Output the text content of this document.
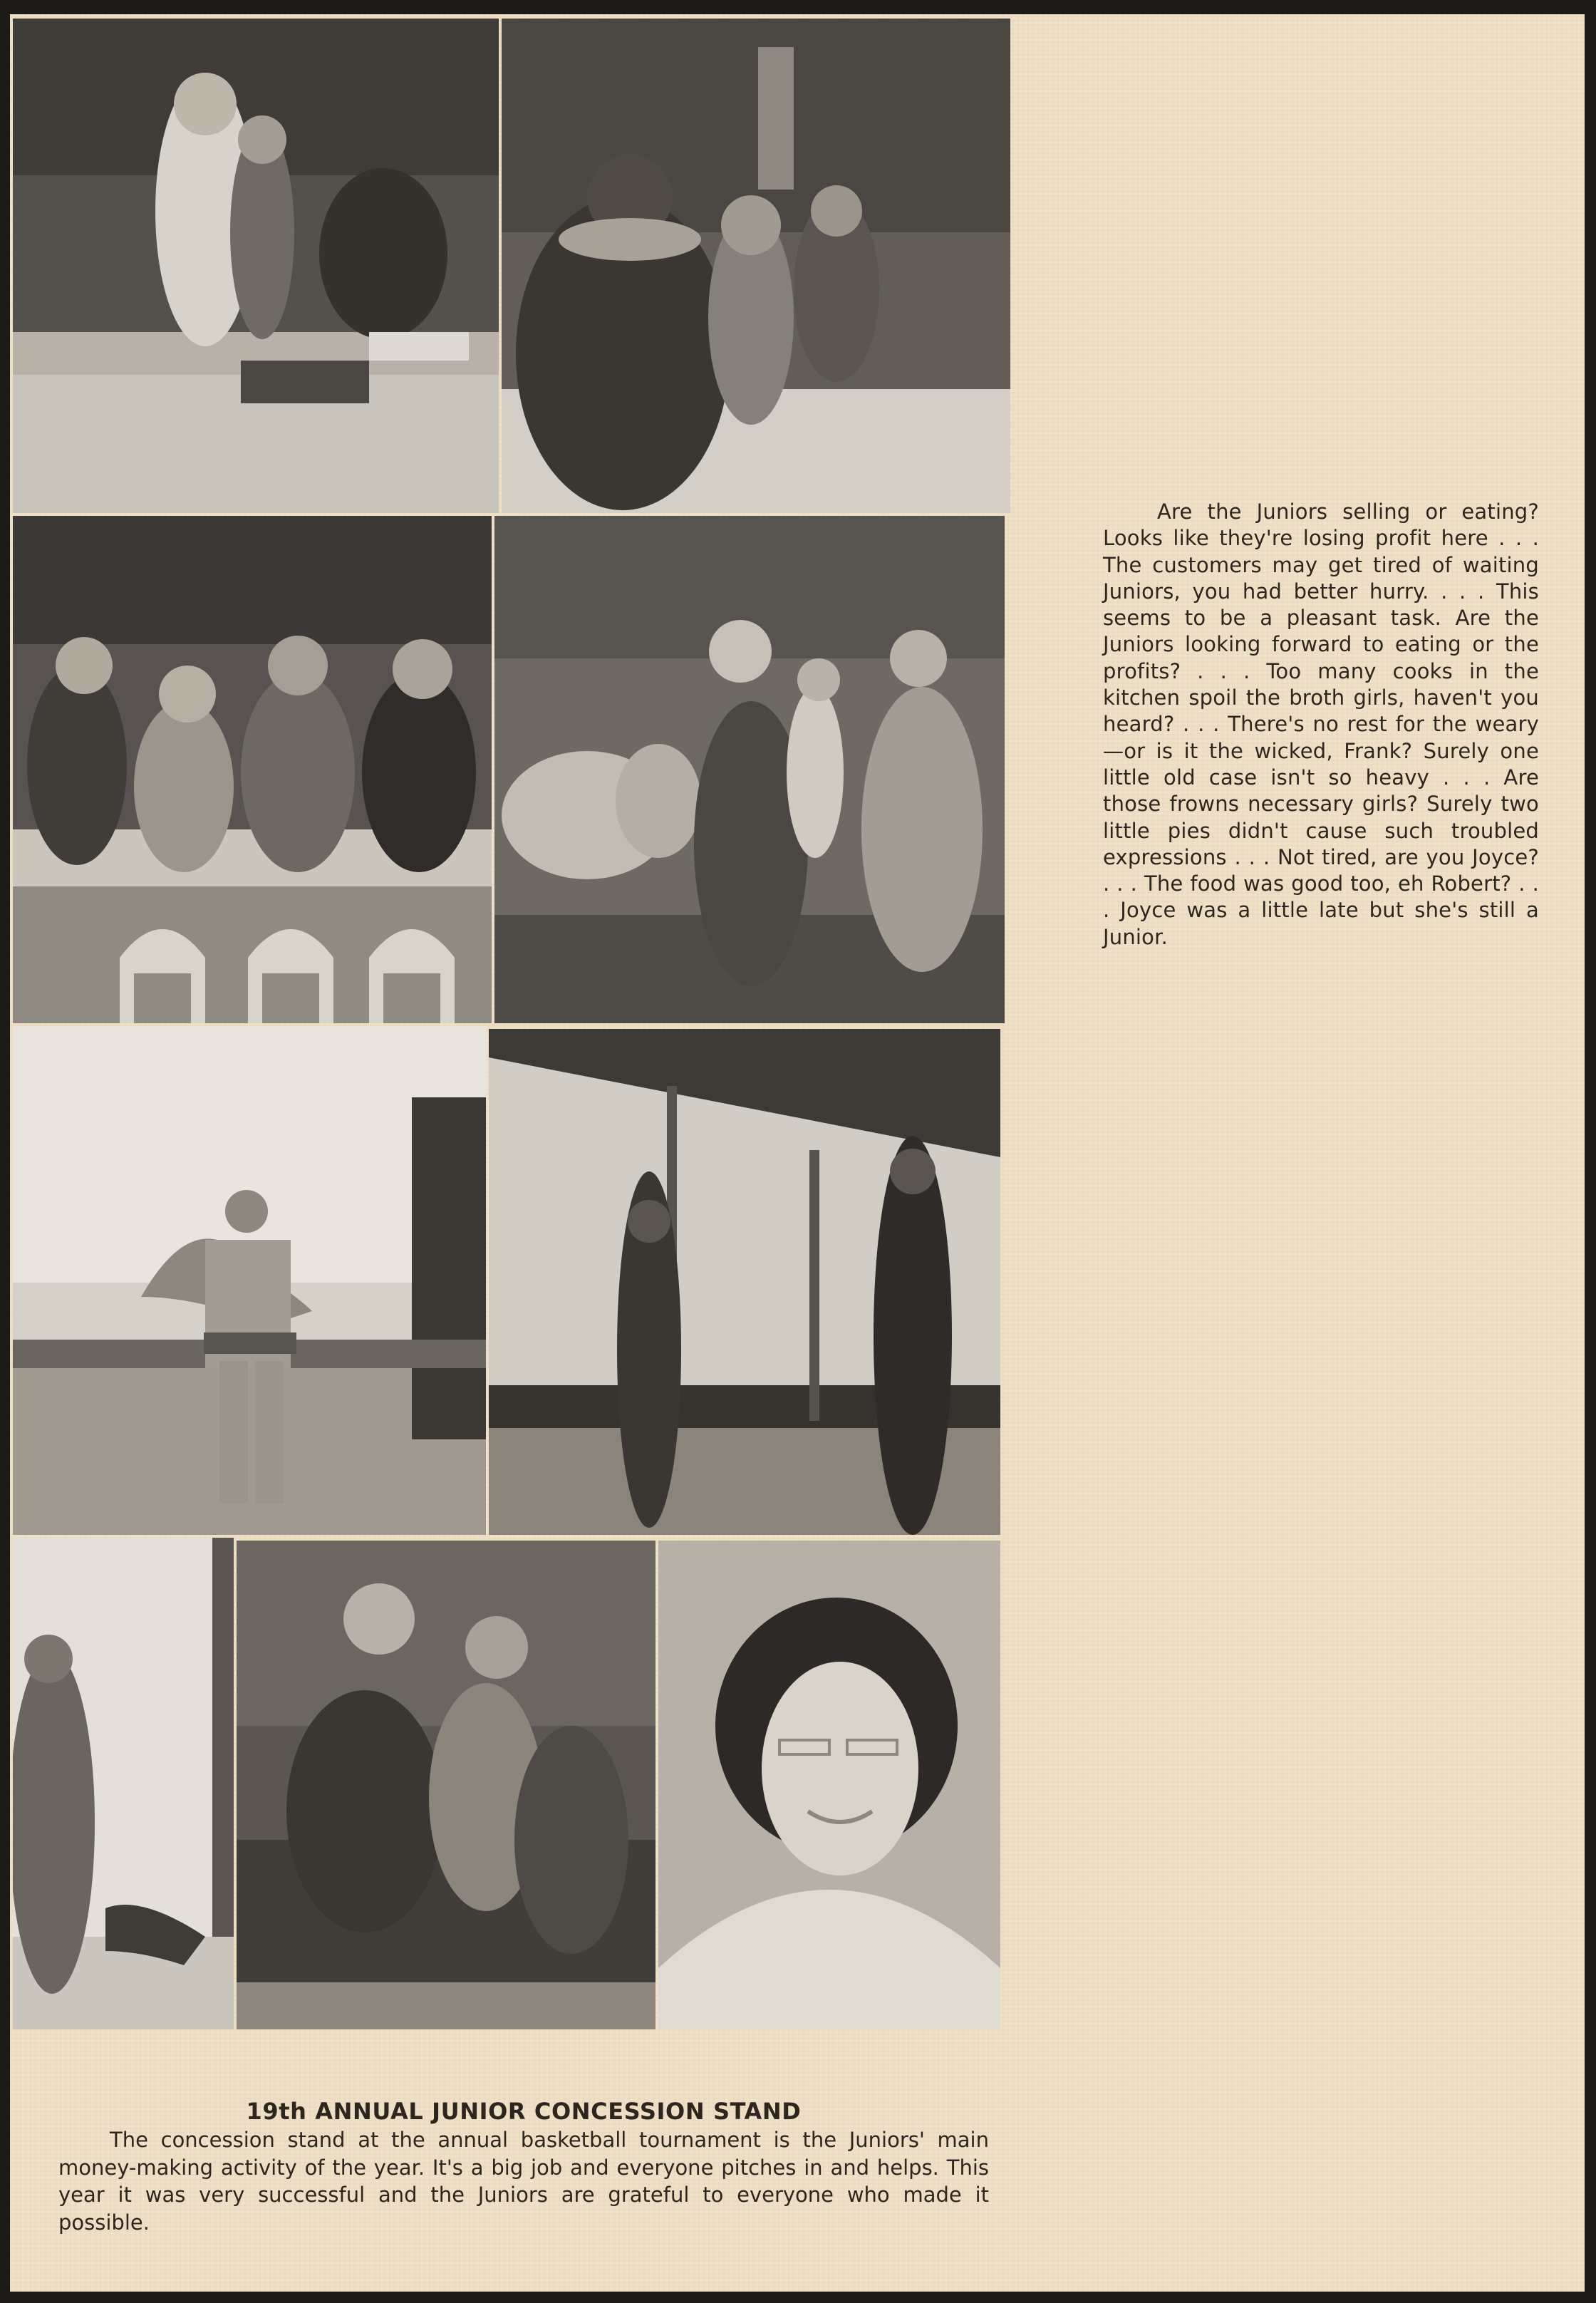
Are the Juniors selling or eating? Looks like they're losing profit here . . . The customers may get tired of waiting Juniors, you had better hurry. . . . This seems to be a pleasant task. Are the Juniors looking forward to eating or the profits? . . . Too many cooks in the kitchen spoil the broth girls, haven't you heard? . . . There's no rest for the weary —or is it the wicked, Frank? Surely one little old case isn't so heavy . . . Are those frowns necessary girls? Surely two little pies didn't cause such troubled expressions . . . Not tired, are you Joyce? . . . The food was good too, eh Robert? . . . Joyce was a little late but she's still a Junior.

19th ANNUAL JUNIOR CONCESSION STAND

The concession stand at the annual basketball tournament is the Juniors' main money-making activity of the year. It's a big job and everyone pitches in and helps. This year it was very successful and the Juniors are grateful to everyone who made it possible.
